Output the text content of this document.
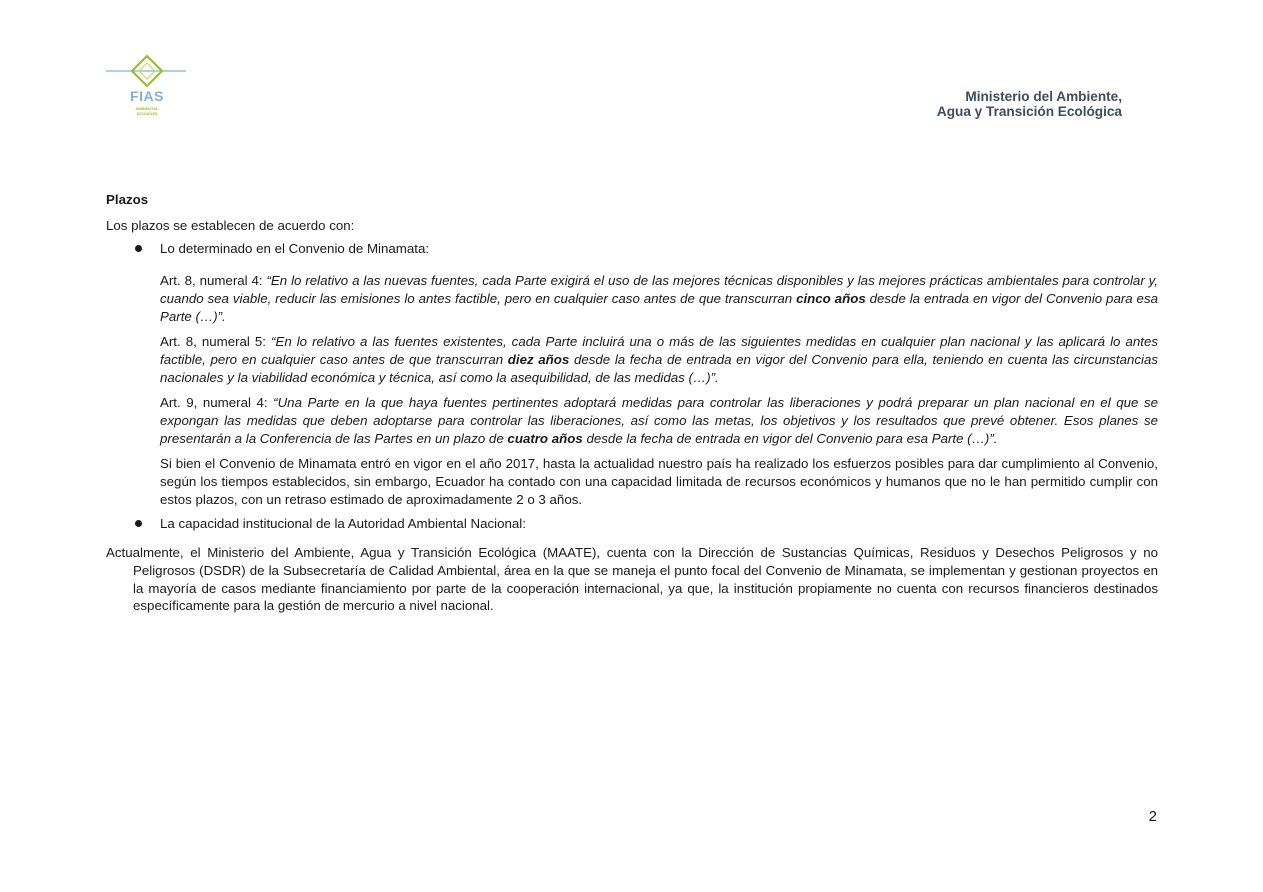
FIAS
AMBIENTAL
ECUADOR
Ministerio del Ambiente,
Agua y Transición Ecológica

Plazos

Los plazos se establecen de acuerdo con:

Lo determinado en el Convenio de Minamata:

Art. 8, numeral 4: “En lo relativo a las nuevas fuentes, cada Parte exigirá el uso de las mejores técnicas disponibles y las mejores prácticas ambientales para controlar y, cuando sea viable, reducir las emisiones lo antes factible, pero en cualquier caso antes de que transcurran cinco años desde la entrada en vigor del Convenio para esa Parte (…)”.

Art. 8, numeral 5: “En lo relativo a las fuentes existentes, cada Parte incluirá una o más de las siguientes medidas en cualquier plan nacional y las aplicará lo antes factible, pero en cualquier caso antes de que transcurran diez años desde la fecha de entrada en vigor del Convenio para ella, teniendo en cuenta las circunstancias nacionales y la viabilidad económica y técnica, así como la asequibilidad, de las medidas (…)”.

Art. 9, numeral 4: “Una Parte en la que haya fuentes pertinentes adoptará medidas para controlar las liberaciones y podrá preparar un plan nacional en el que se expongan las medidas que deben adoptarse para controlar las liberaciones, así como las metas, los objetivos y los resultados que prevé obtener. Esos planes se presentarán a la Conferencia de las Partes en un plazo de cuatro años desde la fecha de entrada en vigor del Convenio para esa Parte (…)”.

Si bien el Convenio de Minamata entró en vigor en el año 2017, hasta la actualidad nuestro país ha realizado los esfuerzos posibles para dar cumplimiento al Convenio, según los tiempos establecidos, sin embargo, Ecuador ha contado con una capacidad limitada de recursos económicos y humanos que no le han permitido cumplir con estos plazos, con un retraso estimado de aproximadamente 2 o 3 años.

La capacidad institucional de la Autoridad Ambiental Nacional:

Actualmente, el Ministerio del Ambiente, Agua y Transición Ecológica (MAATE), cuenta con la Dirección de Sustancias Químicas, Residuos y Desechos Peligrosos y no Peligrosos (DSDR) de la Subsecretaría de Calidad Ambiental, área en la que se maneja el punto focal del Convenio de Minamata, se implementan y gestionan proyectos en la mayoría de casos mediante financiamiento por parte de la cooperación internacional, ya que, la institución propiamente no cuenta con recursos financieros destinados específicamente para la gestión de mercurio a nivel nacional.

2
